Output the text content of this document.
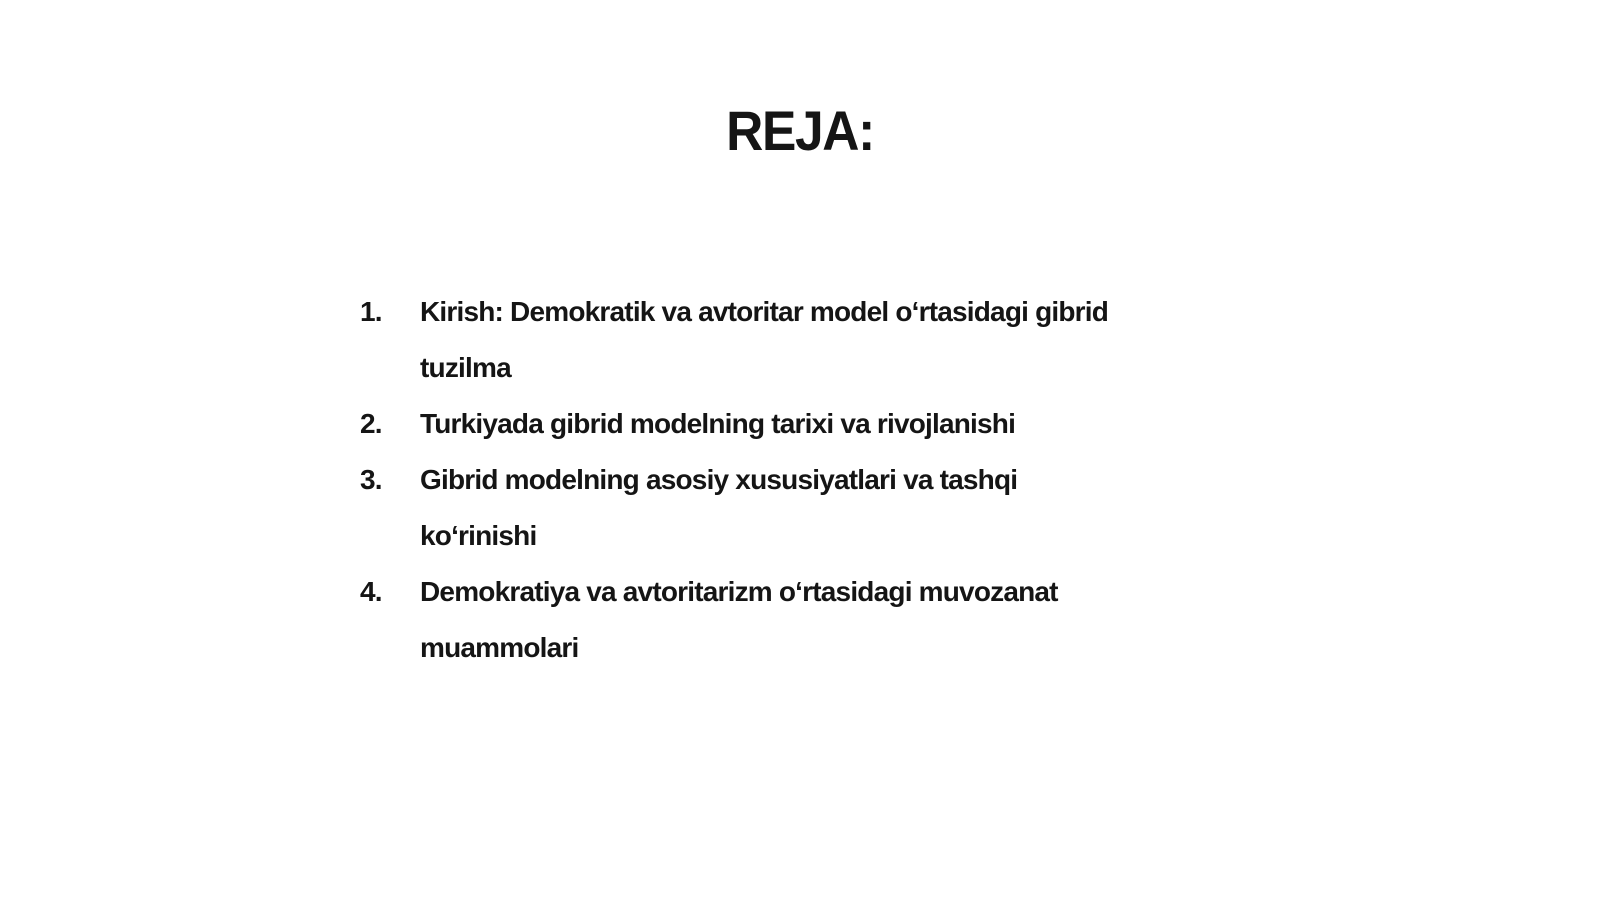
REJA:
1.	Kirish: Demokratik va avtoritar model o‘rtasidagi gibrid tuzilma
2.	Turkiyada gibrid modelning tarixi va rivojlanishi
3.	Gibrid modelning asosiy xususiyatlari va tashqi ko‘rinishi
4.	Demokratiya va avtoritarizm o‘rtasidagi muvozanat muammolari
